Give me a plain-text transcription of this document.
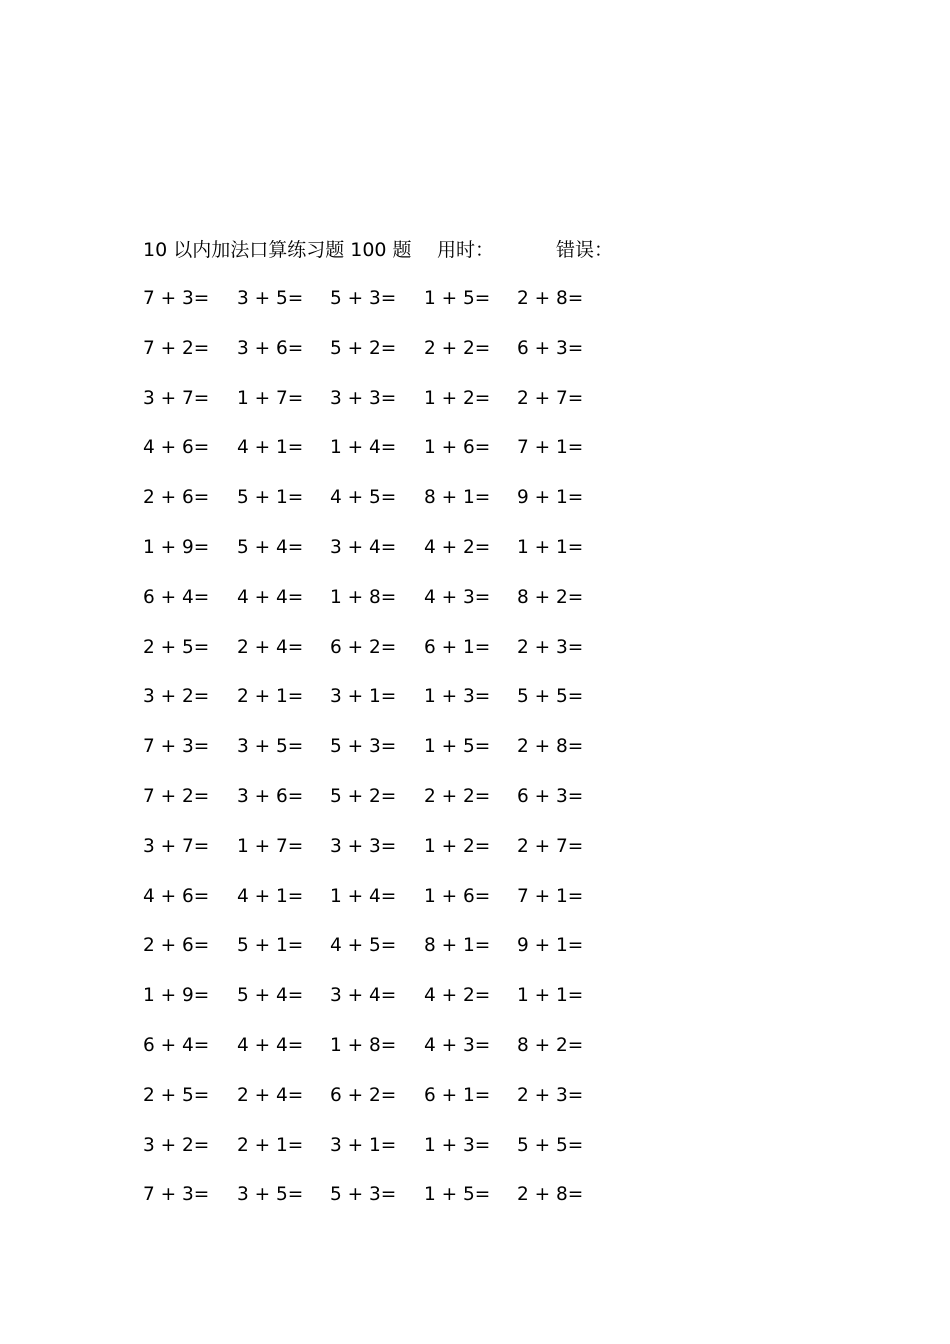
10 以内加法口算练习题 100 题 用时：	错误：
7 + 3= 3 + 5= 5 + 3= 1 + 5= 2 + 8=
7 + 2= 3 + 6= 5 + 2= 2 + 2= 6 + 3=
3 + 7= 1 + 7= 3 + 3= 1 + 2= 2 + 7=
4 + 6= 4 + 1= 1 + 4= 1 + 6= 7 + 1=
2 + 6= 5 + 1= 4 + 5= 8 + 1= 9 + 1=
1 + 9= 5 + 4= 3 + 4= 4 + 2= 1 + 1=
6 + 4= 4 + 4= 1 + 8= 4 + 3= 8 + 2=
2 + 5= 2 + 4= 6 + 2= 6 + 1= 2 + 3=
3 + 2= 2 + 1= 3 + 1= 1 + 3= 5 + 5=
7 + 3= 3 + 5= 5 + 3= 1 + 5= 2 + 8=
7 + 2= 3 + 6= 5 + 2= 2 + 2= 6 + 3=
3 + 7= 1 + 7= 3 + 3= 1 + 2= 2 + 7=
4 + 6= 4 + 1= 1 + 4= 1 + 6= 7 + 1=
2 + 6= 5 + 1= 4 + 5= 8 + 1= 9 + 1=
1 + 9= 5 + 4= 3 + 4= 4 + 2= 1 + 1=
6 + 4= 4 + 4= 1 + 8= 4 + 3= 8 + 2=
2 + 5= 2 + 4= 6 + 2= 6 + 1= 2 + 3=
3 + 2= 2 + 1= 3 + 1= 1 + 3= 5 + 5=
7 + 3= 3 + 5= 5 + 3= 1 + 5= 2 + 8=
